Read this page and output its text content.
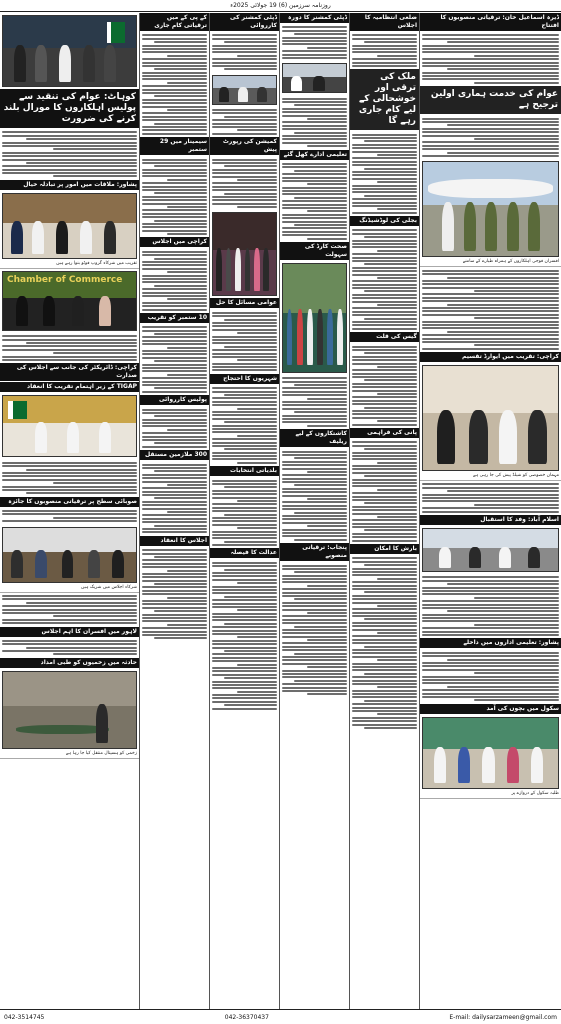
روزنامہ سرزمین (6) 19 جولائی 2025ء
کوہاٹ: عوام کی تنقید سے پولیس اہلکاروں کا مورال بلند کرنے کی ضرورت
پشاور: ملاقات میں امور پر تبادلہ خیال
تقریب میں شرکاء گروپ فوٹو بنوا رہے ہیں
Chamber of Commerce
کراچی: ڈائریکٹر کی جانب سے اجلاس کی صدارت
TIGAP کے زیر اہتمام تقریب کا انعقاد
صوبائی سطح پر ترقیاتی منصوبوں کا جائزہ
شرکاء اجلاس میں شریک ہیں
لاہور میں افسران کا اہم اجلاس
حادثہ میں زخمیوں کو طبی امداد
زخمی کو ہسپتال منتقل کیا جا رہا ہے
کے پی کے میں ترقیاتی کام جاری
سیمینار میں 29 ستمبر
کراچی میں اجلاس
10 ستمبر کو تقریب
پولیس کارروائی
300 ملازمین مستقل
اجلاس کا انعقاد
ڈپٹی کمشنر کی کارروائی
کمیشن کی رپورٹ پیش
عوامی مسائل کا حل
شہریوں کا احتجاج
بلدیاتی انتخابات
عدالت کا فیصلہ
ڈپٹی کمشنر کا دورہ
تعلیمی ادارے کھل گئے
صحت کارڈ کی سہولت
کاشتکاروں کے لیے ریلیف
پنجاب: ترقیاتی منصوبے
ضلعی انتظامیہ کا اجلاس
ملک کی ترقی اور خوشحالی کے لیے کام جاری رہے گا
بجلی کی لوڈشیڈنگ
گیس کی قلت
پانی کی فراہمی
بارش کا امکان
ڈیرہ اسماعیل خان: ترقیاتی منصوبوں کا افتتاح
عوام کی خدمت ہماری اولین ترجیح ہے
افسران فوجی اہلکاروں کے ہمراہ طیارے کے سامنے
کراچی: تقریب میں ایوارڈ تقسیم
مہمان خصوصی کو شیلڈ پیش کی جا رہی ہے
اسلام آباد: وفد کا استقبال
پشاور: تعلیمی اداروں میں داخلے
سکول میں بچوں کی آمد
طلبہ سکول کے دروازے پر
042-3514745	042-36370437	E-mail: dailysarzameen@gmail.com
